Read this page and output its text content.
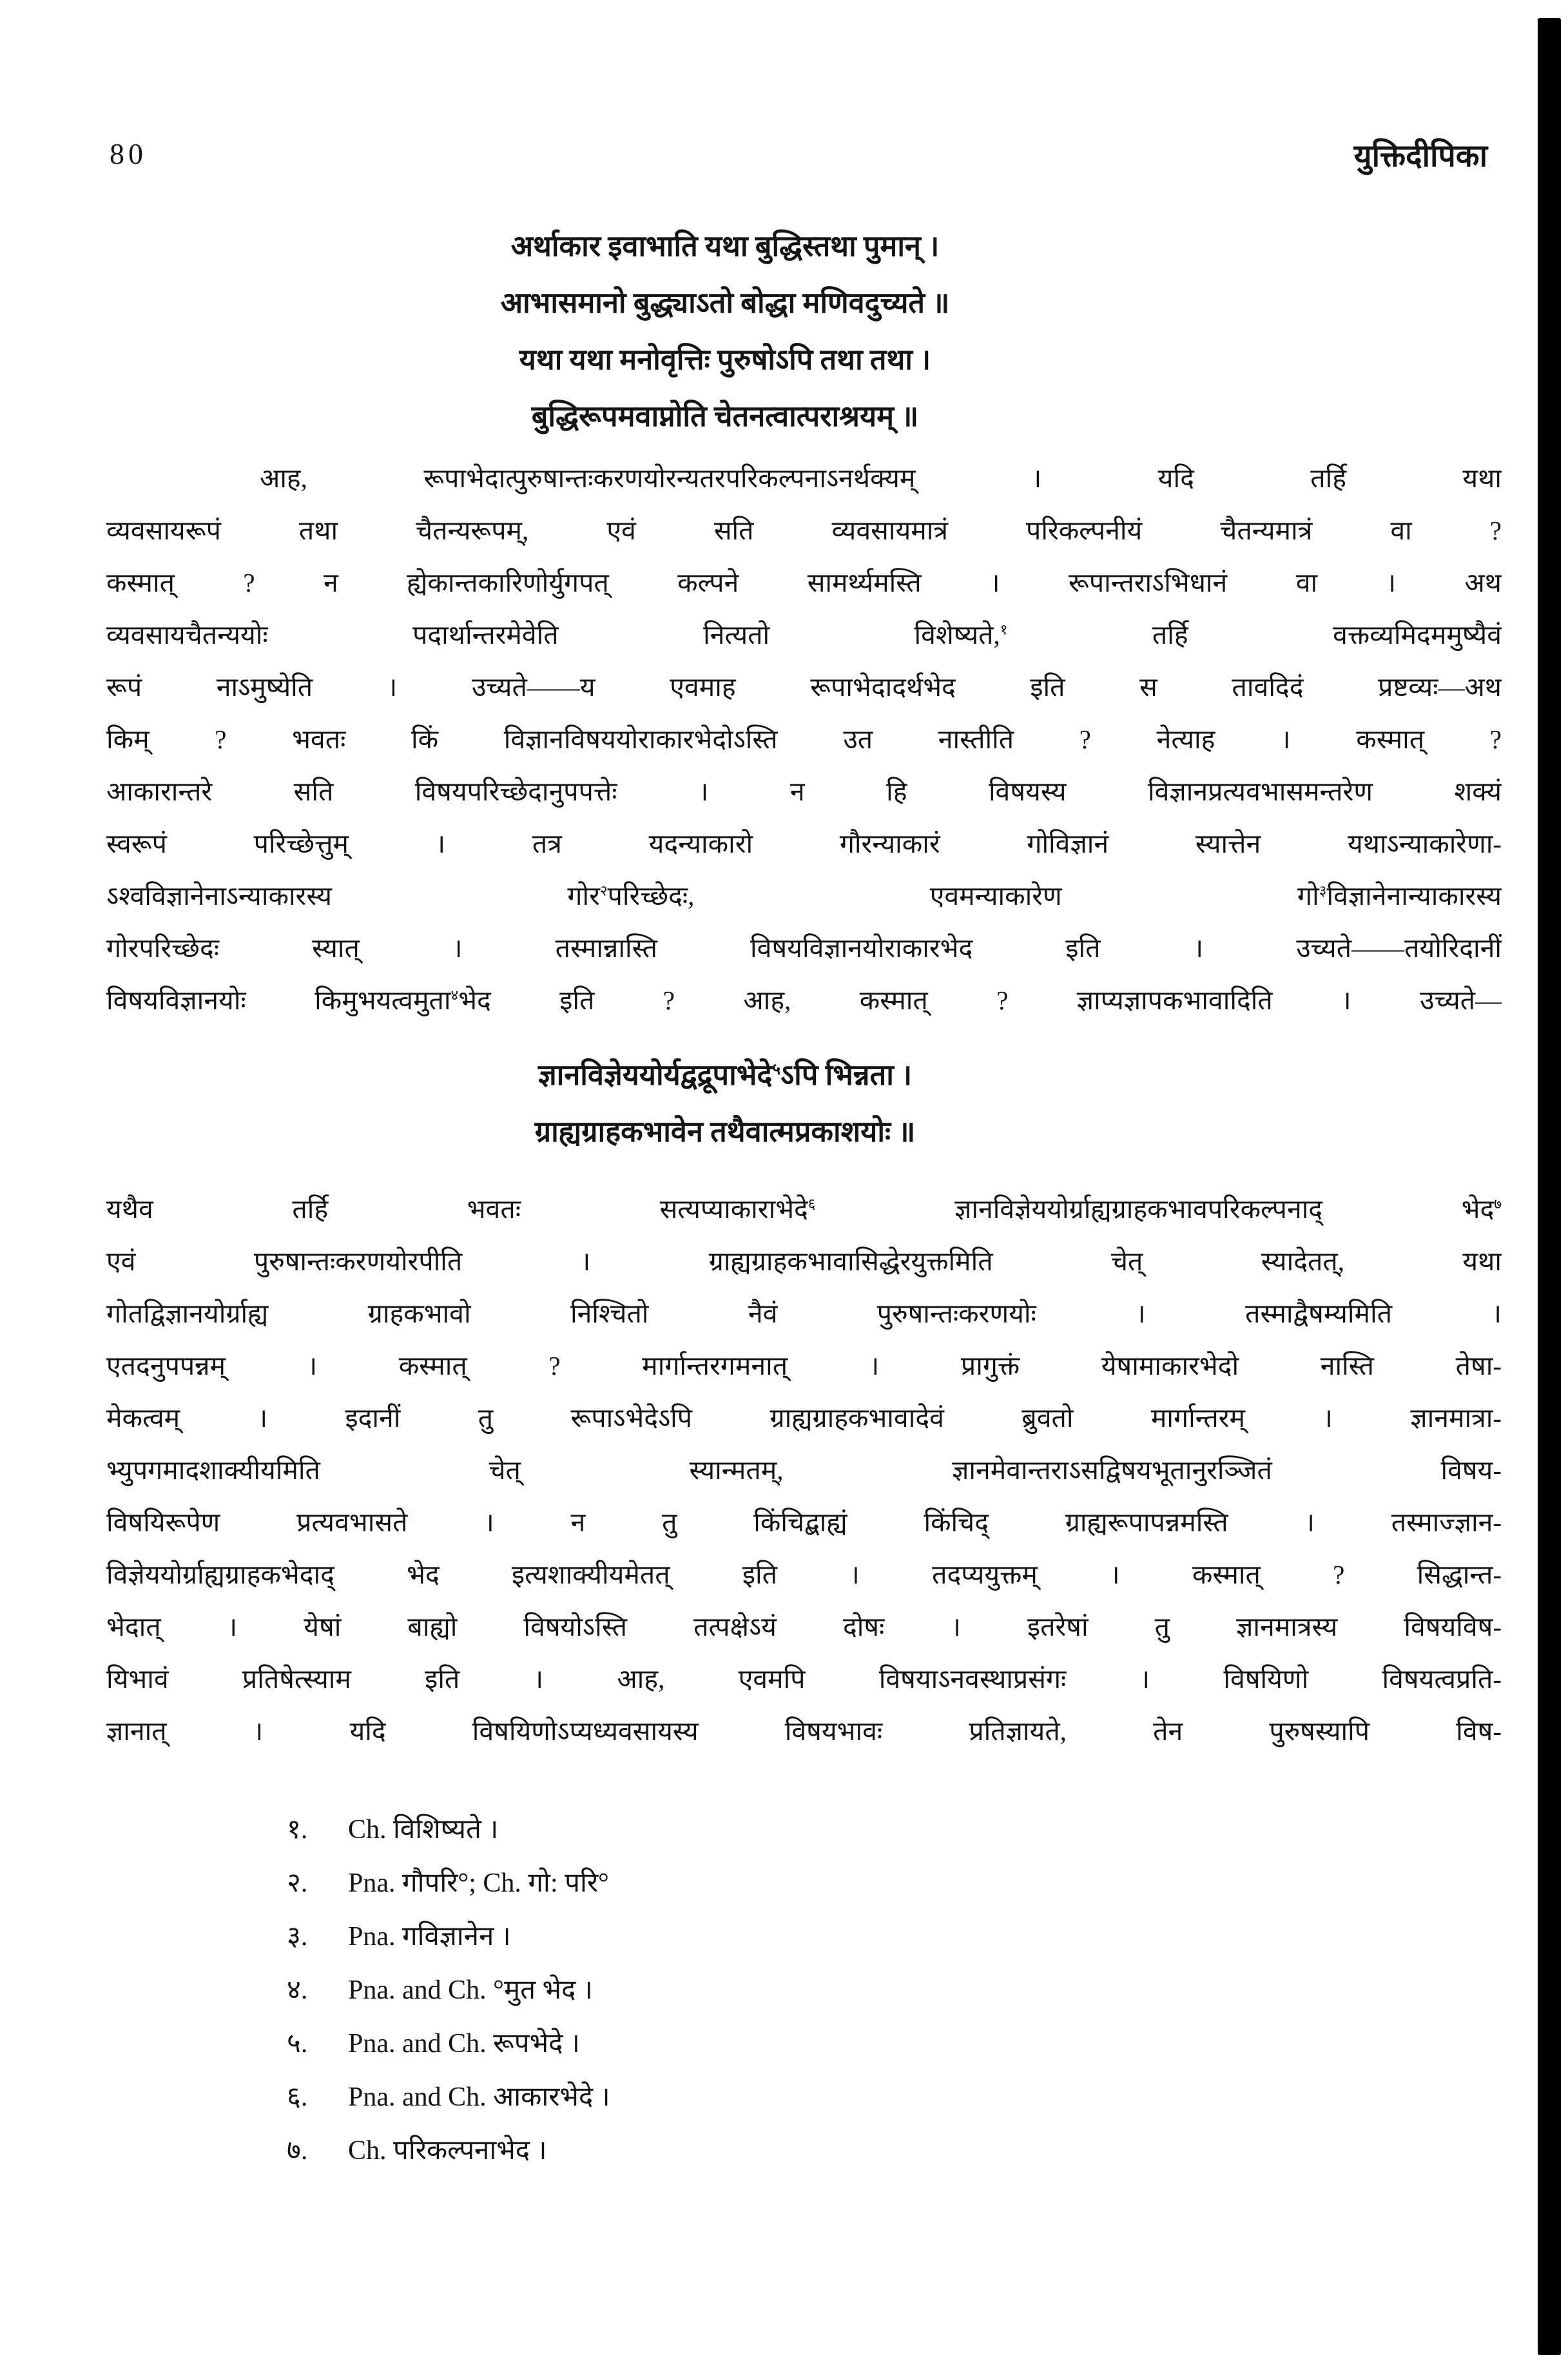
80	युक्तिदीपिका
अर्थाकार इवाभाति यथा बुद्धिस्तथा पुमान् ।
आभासमानो बुद्ध्याऽतो बोद्धा मणिवदुच्यते ॥
यथा यथा मनोवृत्तिः पुरुषोऽपि तथा तथा ।
बुद्धिरूपमवाप्नोति चेतनत्वात्पराश्रयम् ॥
आह, रूपाभेदात्पुरुषान्तःकरणयोरन्यतरपरिकल्पनाऽनर्थक्यम् । यदि तर्हि यथा
व्यवसायरूपं तथा चैतन्यरूपम्, एवं सति व्यवसायमात्रं परिकल्पनीयं चैतन्यमात्रं वा ?
कस्मात् ? न ह्येकान्तकारिणोर्युगपत् कल्पने सामर्थ्यमस्ति । रूपान्तराऽभिधानं वा । अथ
व्यवसायचैतन्ययोः पदार्थान्तरमेवेति नित्यतो विशेष्यते,$^१$ तर्हि वक्तव्यमिदममुष्यैवं
रूपं नाऽमुष्येति । उच्यते——य एवमाह रूपाभेदादर्थभेद इति स तावदिदं प्रष्टव्यः—अथ
किम् ? भवतः किं विज्ञानविषययोराकारभेदोऽस्ति उत नास्तीति ? नेत्याह । कस्मात् ?
आकारान्तरे सति विषयपरिच्छेदानुपपत्तेः । न हि विषयस्य विज्ञानप्रत्यवभासमन्तरेण शक्यं
स्वरूपं परिच्छेत्तुम् । तत्र यदन्याकारो गौरन्याकारं गोविज्ञानं स्यात्तेन यथाऽन्याकारेणा-
ऽश्वविज्ञानेनाऽन्याकारस्य गोर$^२$परिच्छेदः, एवमन्याकारेण गो$^३$विज्ञानेनान्याकारस्य
गोरपरिच्छेदः स्यात् । तस्मान्नास्ति विषयविज्ञानयोराकारभेद इति । उच्यते——तयोरिदानीं
विषयविज्ञानयोः किमुभयत्वमुता$^४$भेद इति ? आह, कस्मात् ? ज्ञाप्यज्ञापकभावादिति । उच्यते—
ज्ञानविज्ञेययोर्यद्वद्रूपाभेदे$^५$ऽपि भिन्नता ।
ग्राह्यग्राहकभावेन तथैवात्मप्रकाशयोः ॥
यथैव तर्हि भवतः सत्यप्याकाराभेदे$^६$ ज्ञानविज्ञेययोर्ग्राह्यग्राहकभावपरिकल्पनाद् भेद$^७$
एवं पुरुषान्तःकरणयोरपीति । ग्राह्यग्राहकभावासिद्धेरयुक्तमिति चेत् स्यादेतत्, यथा
गोतद्विज्ञानयोर्ग्राह्य ग्राहकभावो निश्चितो नैवं पुरुषान्तःकरणयोः । तस्माद्वैषम्यमिति ।
एतदनुपपन्नम् । कस्मात् ? मार्गान्तरगमनात् । प्रागुक्तं येषामाकारभेदो नास्ति तेषा-
मेकत्वम् । इदानीं तु रूपाऽभेदेऽपि ग्राह्यग्राहकभावादेवं ब्रुवतो मार्गान्तरम् । ज्ञानमात्रा-
भ्युपगमादशाक्यीयमिति चेत् स्यान्मतम्, ज्ञानमेवान्तराऽसद्विषयभूतानुरञ्जितं विषय-
विषयिरूपेण प्रत्यवभासते । न तु किंचिद्बाह्यं किंचिद् ग्राह्यरूपापन्नमस्ति । तस्माज्ज्ञान-
विज्ञेययोर्ग्राह्यग्राहकभेदाद् भेद इत्यशाक्यीयमेतत् इति । तदप्ययुक्तम् । कस्मात् ? सिद्धान्त-
भेदात् । येषां बाह्यो विषयोऽस्ति तत्पक्षेऽयं दोषः । इतरेषां तु ज्ञानमात्रस्य विषयविष-
यिभावं प्रतिषेत्स्याम इति । आह, एवमपि विषयाऽनवस्थाप्रसंगः । विषयिणो विषयत्वप्रति-
ज्ञानात् । यदि विषयिणोऽप्यध्यवसायस्य विषयभावः प्रतिज्ञायते, तेन पुरुषस्यापि विष-
१.	Ch. विशिष्यते ।
२.	Pna. गौपरि°; Ch. गो: परि°
३.	Pna. गविज्ञानेन ।
४.	Pna. and Ch. °मुत भेद ।
५.	Pna. and Ch. रूपभेदे ।
६.	Pna. and Ch. आकारभेदे ।
७.	Ch. परिकल्पनाभेद ।
